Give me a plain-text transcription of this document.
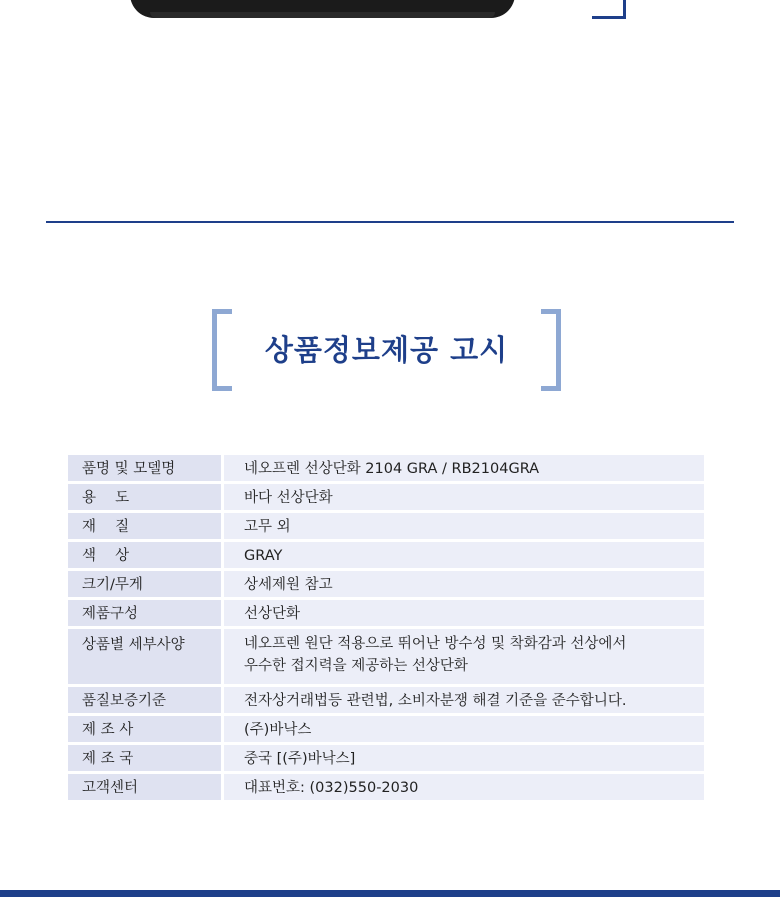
상품정보제공 고시
품명 및 모델명	네오프렌 선상단화 2104 GRA / RB2104GRA
용　 도	바다 선상단화
재　 질	고무 외
색　 상	GRAY
크기/무게	상세제원 참고
제품구성	선상단화
상품별 세부사양	네오프렌 원단 적용으로 뛰어난 방수성 및 착화감과 선상에서
우수한 접지력을 제공하는 선상단화
품질보증기준	전자상거래법등 관련법, 소비자분쟁 해결 기준을 준수합니다.
제 조 사	(주)바낙스
제 조 국	중국 [(주)바낙스]
고객센터	대표번호: (032)550-2030
